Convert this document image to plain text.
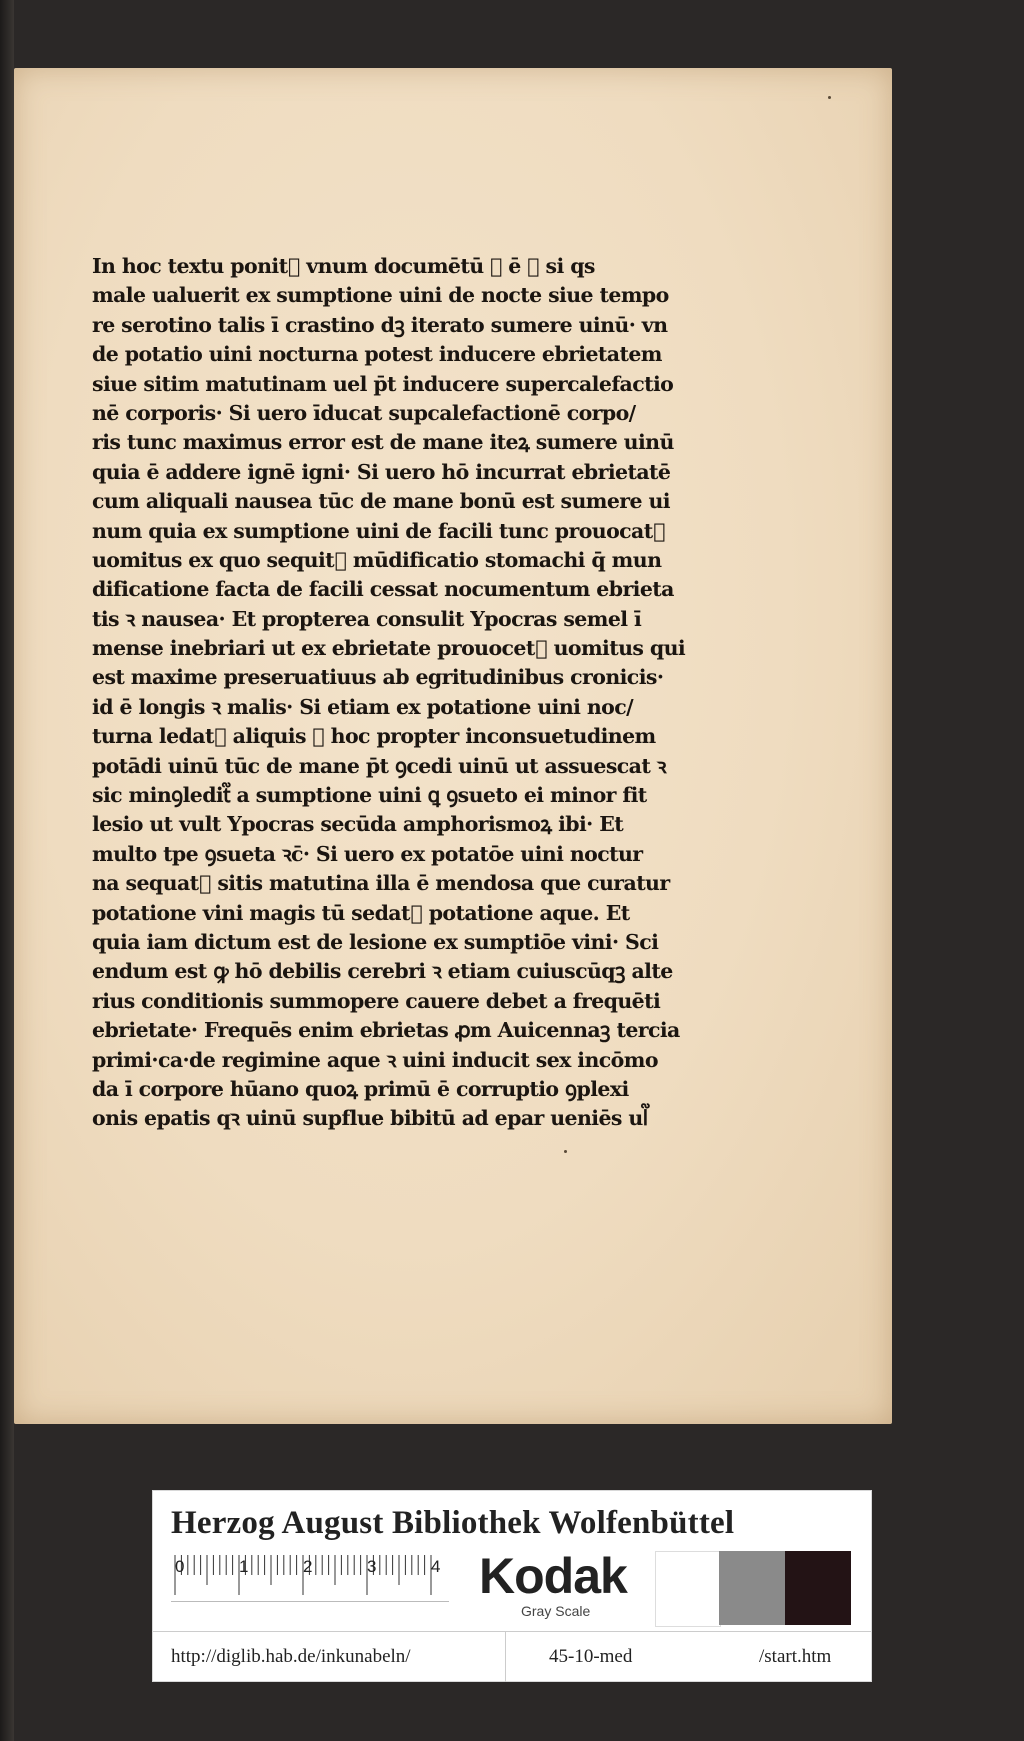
In hoc textu ponit᷑ vnum documētū ꝛ ē ꝙ si qs
male ualuerit ex sumptione uini de nocte siue tempo
re serotino talis ī crastino dꝫ iterato sumere uinū· vn
de potatio uini nocturna potest inducere ebrietatem
siue sitim matutinam uel p̄t inducere supercalefactio
nē corporis· Si uero īducat supcalefactionē corpo/
ris tunc maximus error est de mane iteꝝ sumere uinū
quia ē addere ignē igni· Si uero hō incurrat ebrietatē
cum aliquali nausea tūc de mane bonū est sumere ui
num quia ex sumptione uini de facili tunc prouocat᷑
uomitus ex quo sequit᷑ mūdificatio stomachi q̄ mun
dificatione facta de facili cessat nocumentum ebrieta
tis ꝛ nausea· Et propterea consulit Ypocras semel ī
mense inebriari ut ex ebrietate prouocet᷑ uomitus qui
est maxime preseruatiuus ab egritudinibus cronicis·
id ē longis ꝛ malis· Si etiam ex potatione uini noc/
turna ledat᷑ aliquis ꝛ hoc propter inconsuetudinem
potādi uinū tūc de mane p̄t ꝯcedi uinū ut assuescat ꝛ
sic minꝯledit᷑ a sumptione uini ꝗ ꝯsueto ei minor fit
lesio ut vult Ypocras secūda amphorismoꝝ ibi· Et
multo tpe ꝯsueta ꝛc̄· Si uero ex potatōe uini noctur
na sequat᷑ sitis matutina illa ē mendosa que curatur
potatione vini magis tū sedat᷑ potatione aque. Et
quia iam dictum est de lesione ex sumptiōe vini· Sci
endum est ꝙ hō debilis cerebri ꝛ etiam cuiuscūqꝫ alte
rius conditionis summopere cauere debet a frequēti
ebrietate· Frequēs enim ebrietas ꝓm Auicennaꝫ tercia
primi·ca·de regimine aque ꝛ uini inducit sex incōmo
da ī corpore hūano quoꝝ primū ē corruptio ꝯplexi
onis epatis qꝛ uinū supflue bibitū ad epar ueniēs ul᷑
Herzog August Bibliothek Wolfenbüttel
0	1	2	3	4 Kodak
Gray Scale
http://diglib.hab.de/inkunabeln/	45-10-med	/start.htm
